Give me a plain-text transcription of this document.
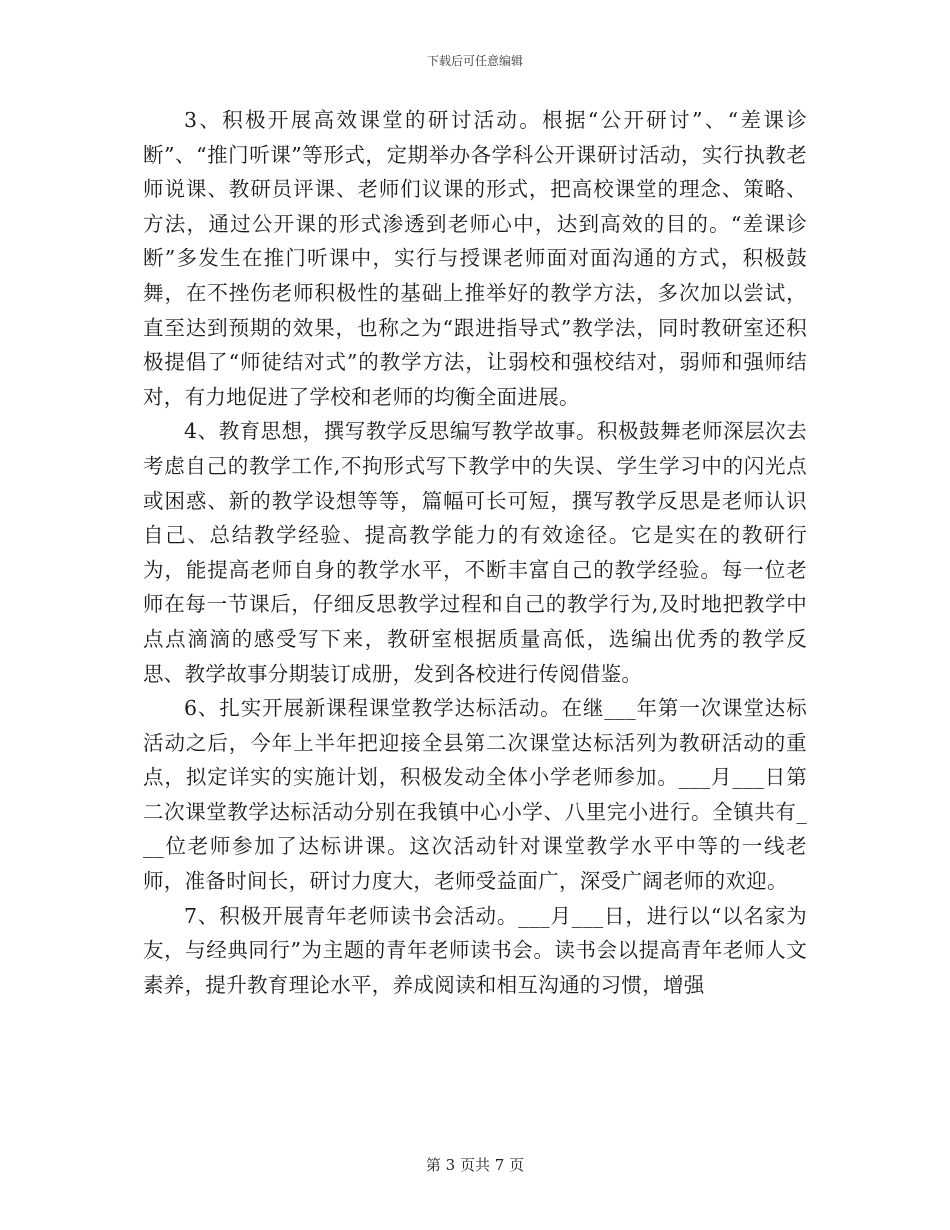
下载后可任意编辑

3、积极开展高效课堂的研讨活动。根据“公开研讨”、“差课诊断”、“推门听课”等形式，定期举办各学科公开课研讨活动，实行执教老师说课、教研员评课、老师们议课的形式，把高校课堂的理念、策略、方法，通过公开课的形式渗透到老师心中，达到高效的目的。“差课诊断”多发生在推门听课中，实行与授课老师面对面沟通的方式，积极鼓舞，在不挫伤老师积极性的基础上推举好的教学方法，多次加以尝试，直至达到预期的效果，也称之为“跟进指导式”教学法，同时教研室还积极提倡了“师徒结对式”的教学方法，让弱校和强校结对，弱师和强师结对，有力地促进了学校和老师的均衡全面进展。

4、教育思想，撰写教学反思编写教学故事。积极鼓舞老师深层次去考虑自己的教学工作,不拘形式写下教学中的失误、学生学习中的闪光点或困惑、新的教学设想等等，篇幅可长可短，撰写教学反思是老师认识自己、总结教学经验、提高教学能力的有效途径。它是实在的教研行为，能提高老师自身的教学水平，不断丰富自己的教学经验。每一位老师在每一节课后，仔细反思教学过程和自己的教学行为,及时地把教学中点点滴滴的感受写下来，教研室根据质量高低，选编出优秀的教学反思、教学故事分期装订成册，发到各校进行传阅借鉴。

6、扎实开展新课程课堂教学达标活动。在继___年第一次课堂达标活动之后，今年上半年把迎接全县第二次课堂达标活列为教研活动的重点，拟定详实的实施计划，积极发动全体小学老师参加。___月___日第二次课堂教学达标活动分别在我镇中心小学、八里完小进行。全镇共有___位老师参加了达标讲课。这次活动针对课堂教学水平中等的一线老师，准备时间长，研讨力度大，老师受益面广，深受广阔老师的欢迎。

7、积极开展青年老师读书会活动。___月___日，进行以“以名家为友，与经典同行”为主题的青年老师读书会。读书会以提高青年老师人文素养，提升教育理论水平，养成阅读和相互沟通的习惯，增强

第 3 页共 7 页
